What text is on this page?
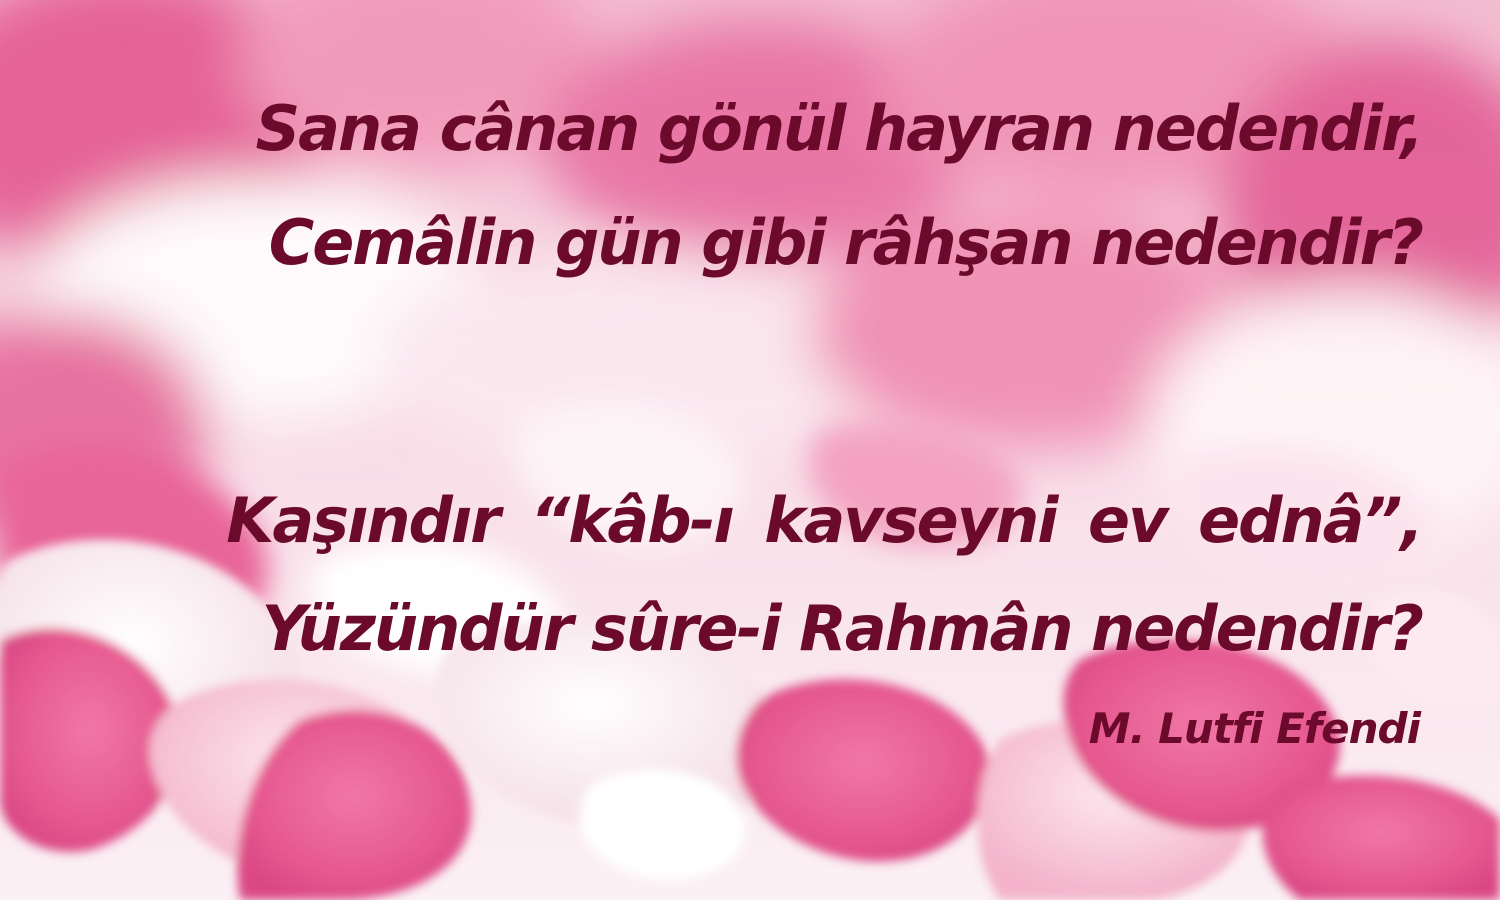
Sana cânan gönül hayran nedendir,

Cemâlin gün gibi râhşan nedendir?

Kaşındır “kâb-ı kavseyni ev ednâ”,

Yüzündür sûre-i Rahmân nedendir?

M. Lutfi Efendi
